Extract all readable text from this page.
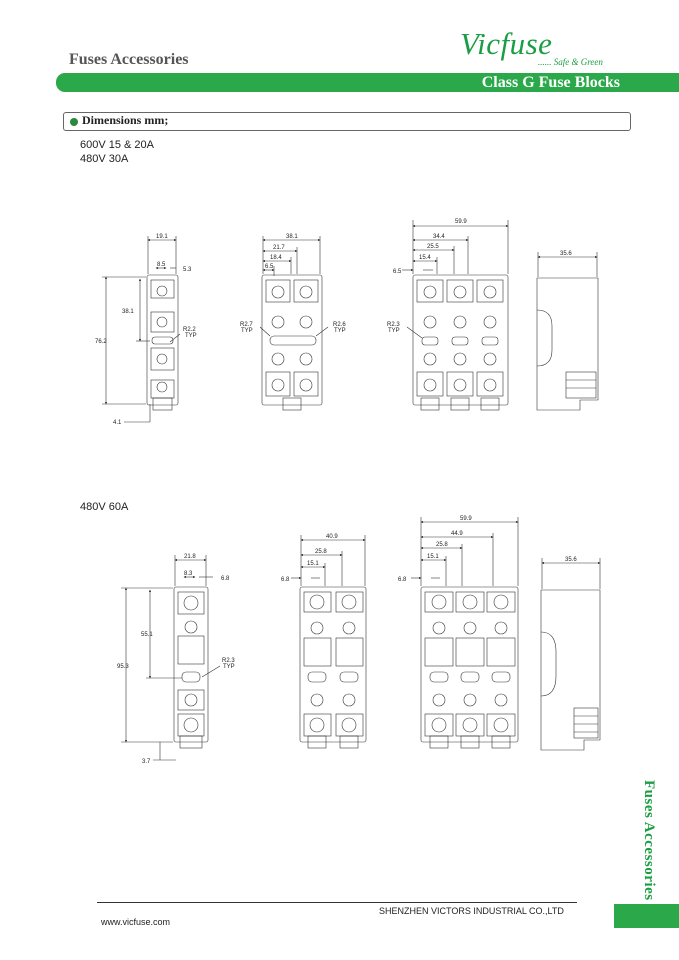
Fuses Accessories	Vicfuse
...... Safe & Green
Class G Fuse Blocks
Dimensions mm;
600V 15 & 20A
480V 30A
480V 60A
19.1
8.5
5.3
38.1
76.2
R2.2
TYP
4.1
38.1
21.7
18.4
6.5
R2.7
TYP
R2.6
TYP
59.9
34.4
25.5
15.4
6.5
R2.3
TYP
35.6
21.8
8.3
6.8
55.1
95.3
R2.3
TYP
3.7
40.9
25.8
15.1
6.8
59.9
44.9
25.8
15.1
6.8
35.6
Fuses Accessories
SHENZHEN VICTORS INDUSTRIAL CO.,LTD
www.vicfuse.com
